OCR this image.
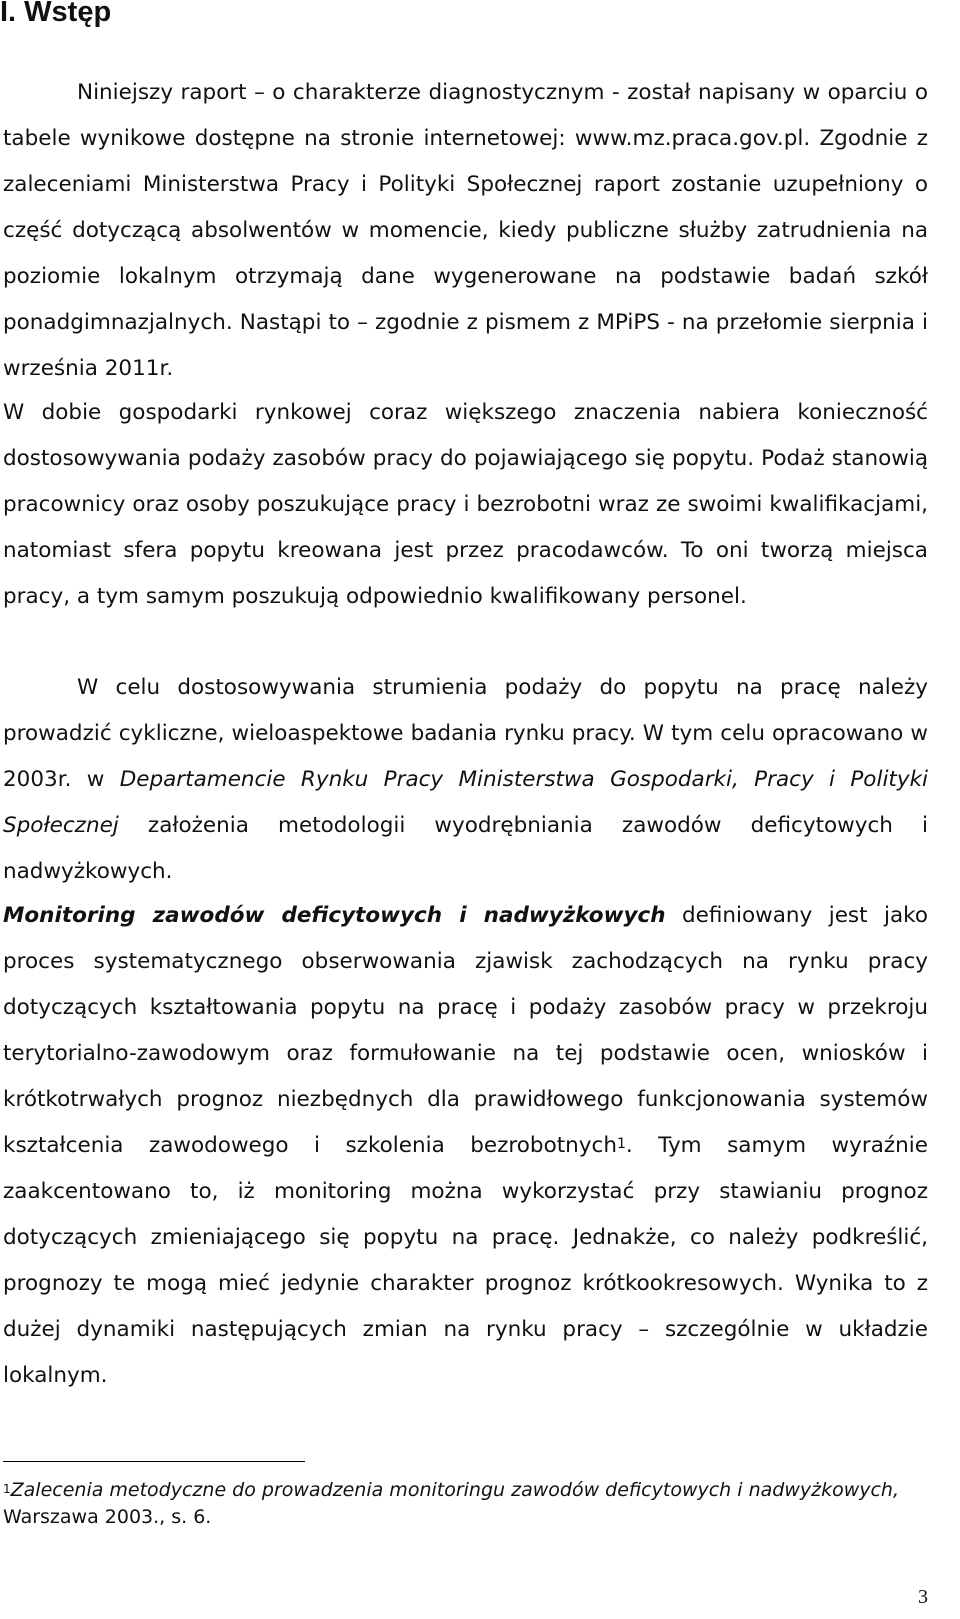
I. Wstęp

Niniejszy raport – o charakterze diagnostycznym - został napisany w oparciu o tabele wynikowe dostępne na stronie internetowej: www.mz.praca.gov.pl. Zgodnie z zaleceniami Ministerstwa Pracy i Polityki Społecznej raport zostanie uzupełniony o część dotyczącą absolwentów w momencie, kiedy publiczne służby zatrudnienia na poziomie lokalnym otrzymają dane wygenerowane na podstawie badań szkół ponadgimnazjalnych. Nastąpi to – zgodnie z pismem z MPiPS - na przełomie sierpnia i września 2011r.

W dobie gospodarki rynkowej coraz większego znaczenia nabiera konieczność dostosowywania podaży zasobów pracy do pojawiającego się popytu. Podaż stanowią pracownicy oraz osoby poszukujące pracy i bezrobotni wraz ze swoimi kwalifikacjami, natomiast sfera popytu kreowana jest przez pracodawców. To oni tworzą miejsca pracy, a tym samym poszukują odpowiednio kwalifikowany personel.

W celu dostosowywania strumienia podaży do popytu na pracę należy prowadzić cykliczne, wieloaspektowe badania rynku pracy. W tym celu opracowano w 2003r. w Departamencie Rynku Pracy Ministerstwa Gospodarki, Pracy i Polityki Społecznej założenia metodologii wyodrębniania zawodów deficytowych i nadwyżkowych.

Monitoring zawodów deficytowych i nadwyżkowych definiowany jest jako proces systematycznego obserwowania zjawisk zachodzących na rynku pracy dotyczących kształtowania popytu na pracę i podaży zasobów pracy w przekroju terytorialno-zawodowym oraz formułowanie na tej podstawie ocen, wniosków i krótkotrwałych prognoz niezbędnych dla prawidłowego funkcjonowania systemów kształcenia zawodowego i szkolenia bezrobotnych$^1$. Tym samym wyraźnie zaakcentowano to, iż monitoring można wykorzystać przy stawianiu prognoz dotyczących zmieniającego się popytu na pracę. Jednakże, co należy podkreślić, prognozy te mogą mieć jedynie charakter prognoz krótkookresowych. Wynika to z dużej dynamiki następujących zmian na rynku pracy – szczególnie w układzie lokalnym.

$^1$Zalecenia metodyczne do prowadzenia monitoringu zawodów deficytowych i nadwyżkowych, Warszawa 2003., s. 6.
3
